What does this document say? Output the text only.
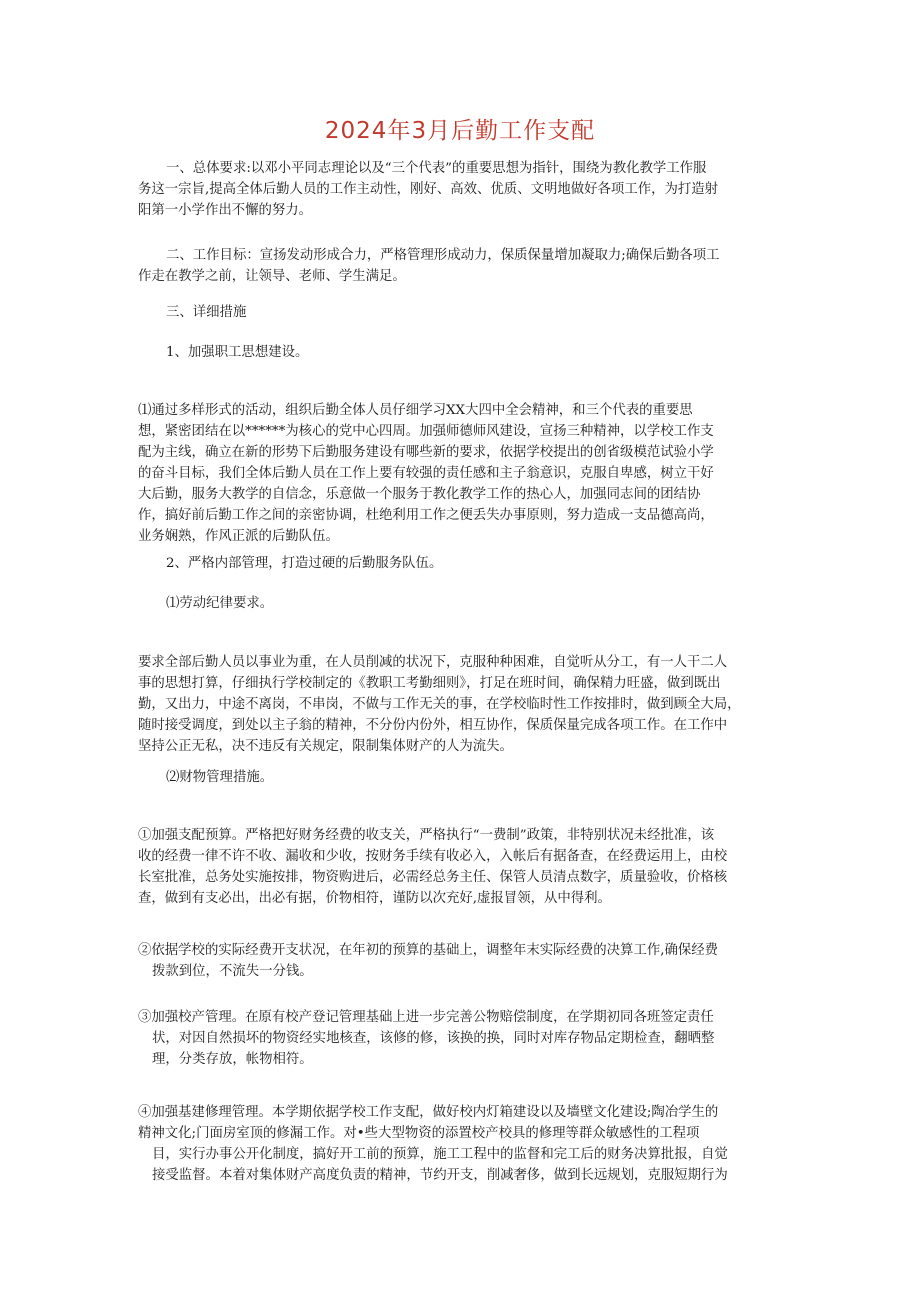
2024年3月后勤工作支配
一、总体要求:以邓小平同志理论以及“三个代表”的重要思想为指针，围绕为教化教学工作服
务这一宗旨,提高全体后勤人员的工作主动性，刚好、高效、优质、文明地做好各项工作，为打造射
阳第一小学作出不懈的努力。
二、工作目标：宣扬发动形成合力，严格管理形成动力，保质保量增加凝取力;确保后勤各项工
作走在教学之前，让领导、老师、学生满足。
三、详细措施
1、加强职工思想建设。
⑴通过多样形式的活动，组织后勤全体人员仔细学习XX大四中全会精神，和三个代表的重要思
想，紧密团结在以******为核心的党中心四周。加强师德师风建设，宣扬三种精神，以学校工作支
配为主线，确立在新的形势下后勤服务建设有哪些新的要求，依据学校提出的创省级模范试验小学
的奋斗目标，我们全体后勤人员在工作上要有较强的责任感和主子翁意识，克服自卑感，树立干好
大后勤，服务大教学的自信念，乐意做一个服务于教化教学工作的热心人，加强同志间的团结协
作，搞好前后勤工作之间的亲密协调，杜绝利用工作之便丢失办事原则，努力造成一支品德高尚，
业务娴熟，作风正派的后勤队伍。
2、严格内部管理，打造过硬的后勤服务队伍。
⑴劳动纪律要求。
要求全部后勤人员以事业为重，在人员削减的状况下，克服种种困难，自觉听从分工，有一人干二人
事的思想打算，仔细执行学校制定的《教职工考勤细则》，打足在班时间，确保精力旺盛，做到既出
勤，又出力，中途不离岗，不串岗，不做与工作无关的事，在学校临时性工作按排时，做到顾全大局，
随时接受调度，到处以主子翁的精神，不分份内份外，相互协作，保质保量完成各项工作。在工作中
坚持公正无私，决不违反有关规定，限制集体财产的人为流失。
⑵财物管理措施。
①加强支配预算。严格把好财务经费的收支关，严格执行“一费制”政策，非特别状况未经批准，该
收的经费一律不许不收、漏收和少收，按财务手续有收必入，入帐后有据备查，在经费运用上，由校
长室批准，总务处实施按排，物资购进后，必需经总务主任、保管人员清点数字，质量验收，价格核
查，做到有支必出，出必有据，价物相符，谨防以次充好,虚报冒领，从中得利。
②依据学校的实际经费开支状况，在年初的预算的基础上，调整年末实际经费的决算工作,确保经费
拨款到位，不流失一分钱。
③加强校产管理。在原有校产登记管理基础上进一步完善公物赔偿制度，在学期初同各班签定责任
状，对因自然损坏的物资经实地核查，该修的修，该换的换，同时对库存物品定期检查，翻晒整
理，分类存放，帐物相符。
④加强基建修理管理。本学期依据学校工作支配，做好校内灯箱建设以及墙壁文化建设;陶冶学生的
精神文化;门面房室顶的修漏工作。对•些大型物资的添置校产校具的修理等群众敏感性的工程项
目，实行办事公开化制度，搞好开工前的预算，施工工程中的监督和完工后的财务决算批报，自觉
接受监督。本着对集体财产高度负责的精神，节约开支，削减奢侈，做到长远规划，克服短期行为
